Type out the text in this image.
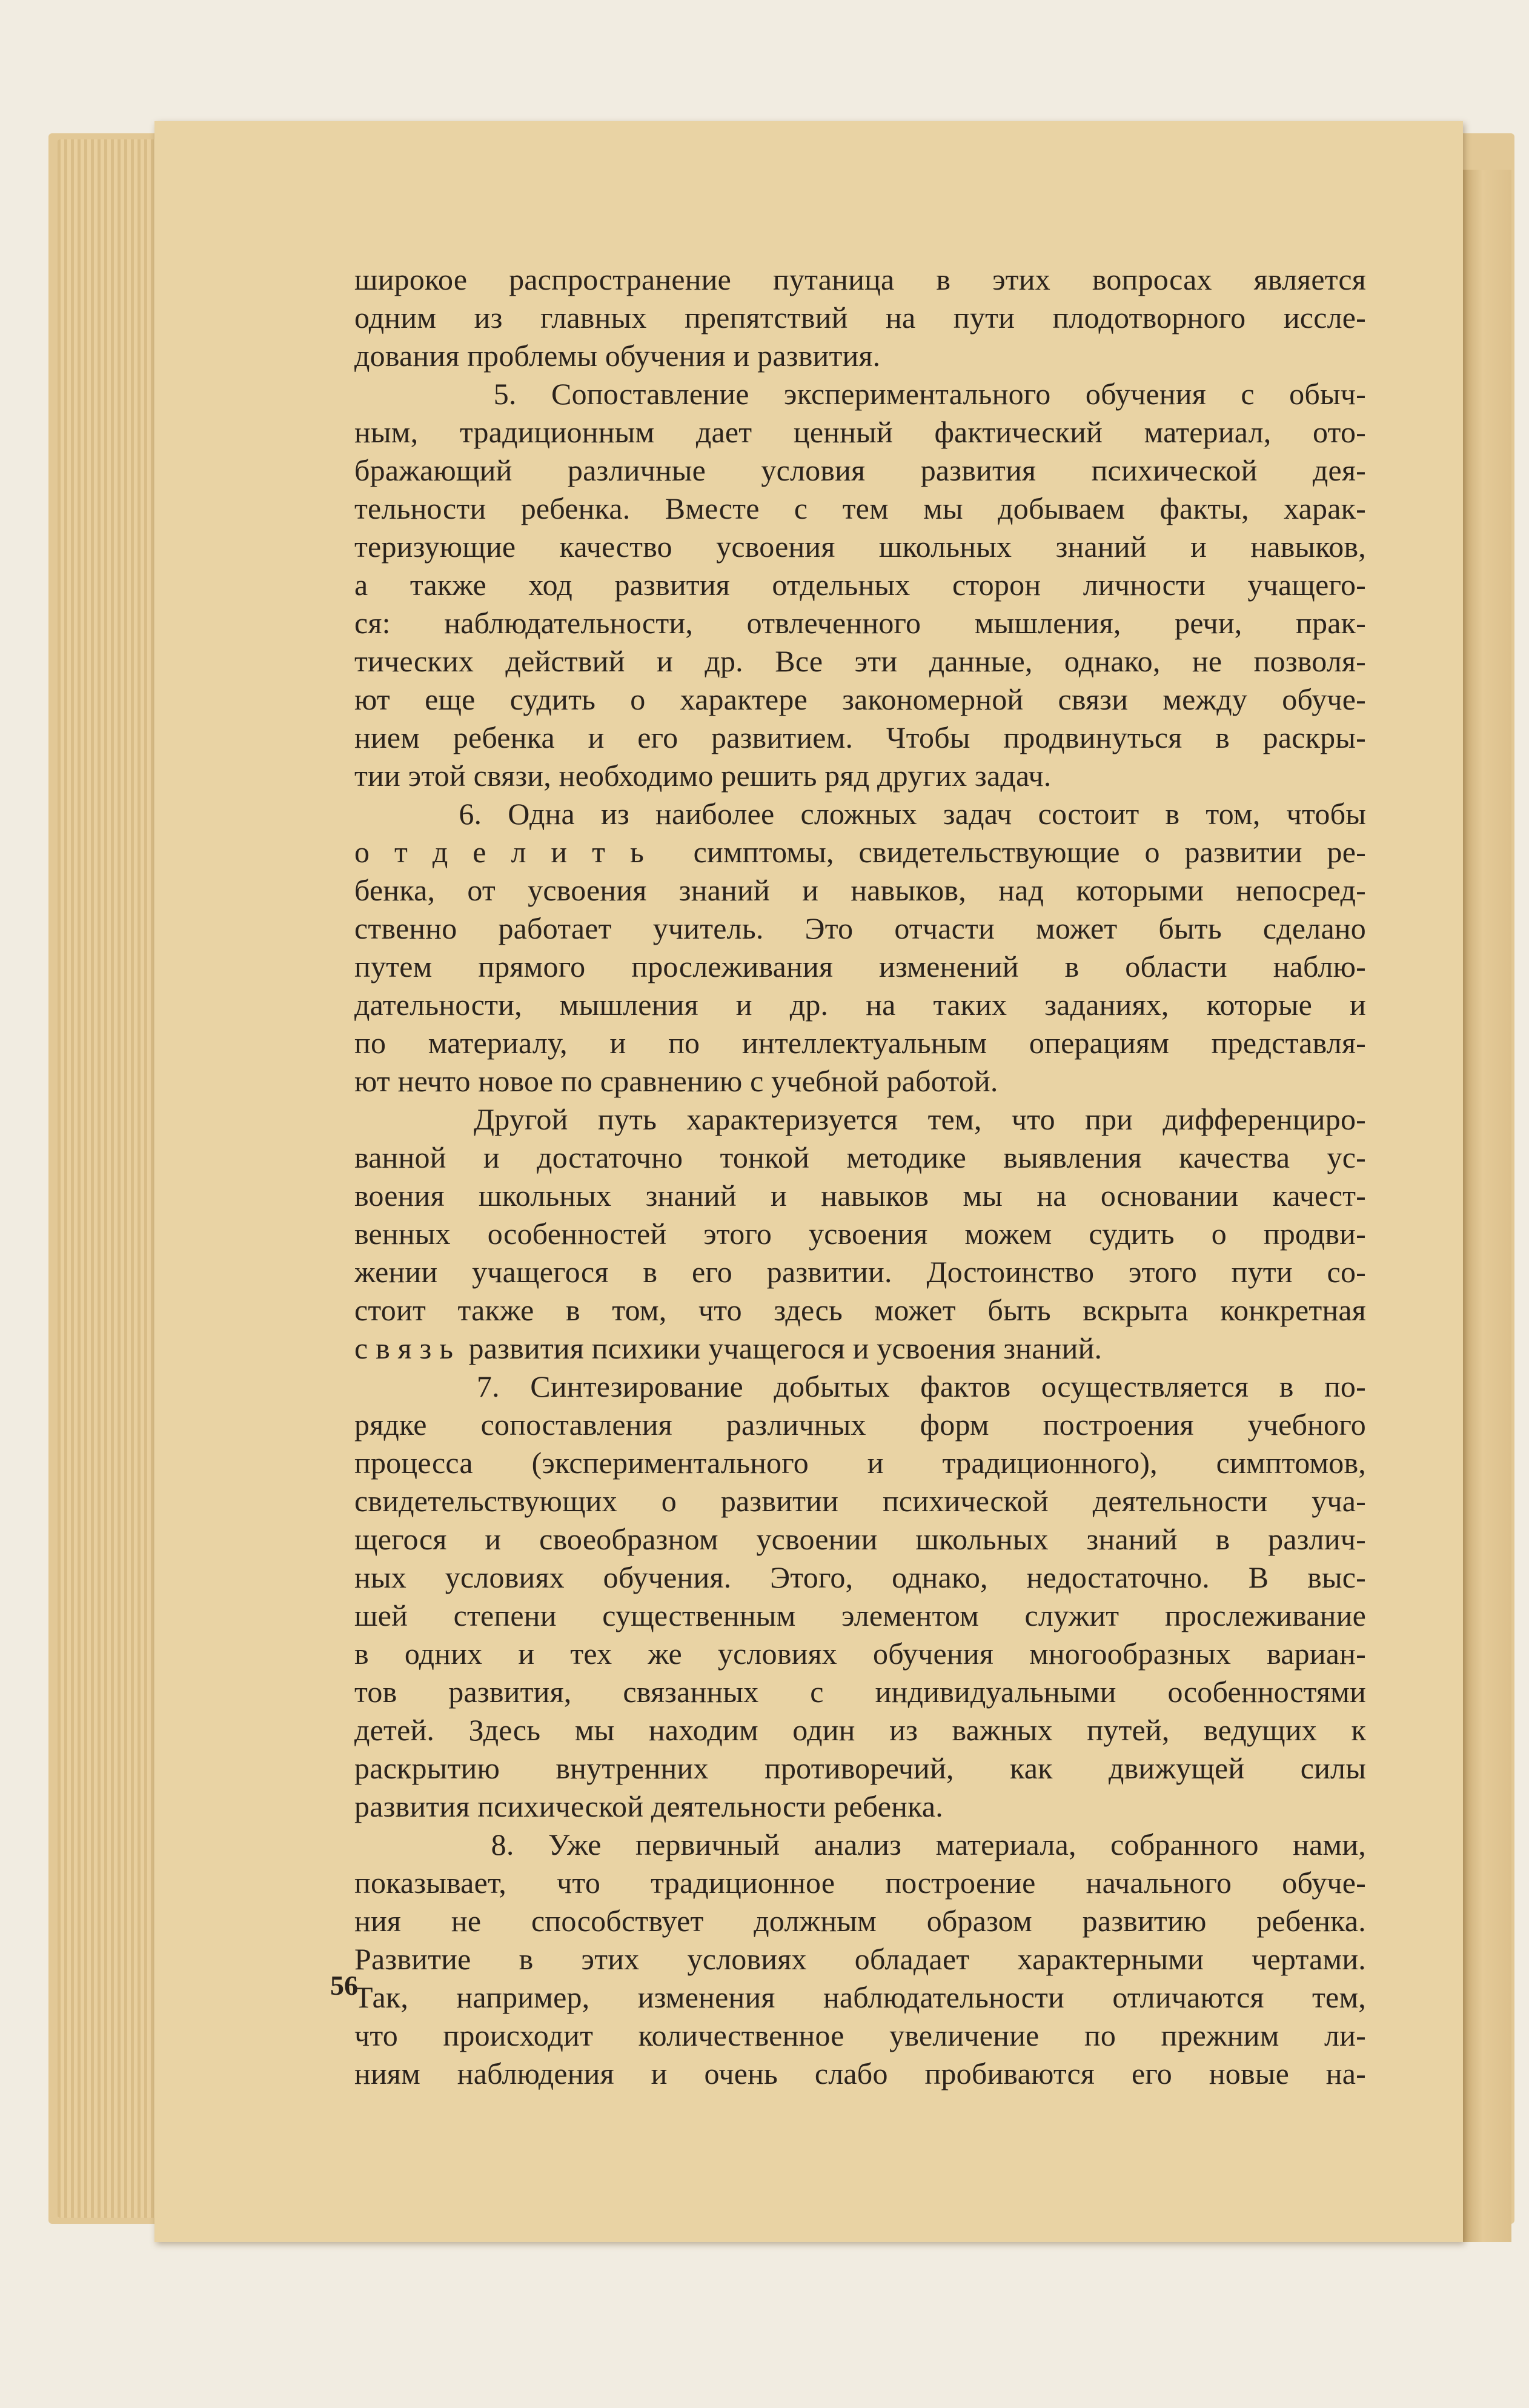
широкое распространение путаница в этих вопросах является
одним из главных препятствий на пути плодотворного иссле-
дования проблемы обучения и развития.
5. Сопоставление экспериментального обучения с обыч-
ным, традиционным дает ценный фактический материал, ото-
бражающий различные условия развития психической дея-
тельности ребенка. Вместе с тем мы добываем факты, харак-
теризующие качество усвоения школьных знаний и навыков,
а также ход развития отдельных сторон личности учащего-
ся: наблюдательности, отвлеченного мышления, речи, прак-
тических действий и др. Все эти данные, однако, не позволя-
ют еще судить о характере закономерной связи между обуче-
нием ребенка и его развитием. Чтобы продвинуться в раскры-
тии этой связи, необходимо решить ряд других задач.
6. Одна из наиболее сложных задач состоит в том, чтобы
о т д е л и т ь  симптомы, свидетельствующие о развитии ре-
бенка, от усвоения знаний и навыков, над которыми непосред-
ственно работает учитель. Это отчасти может быть сделано
путем прямого прослеживания изменений в области наблю-
дательности, мышления и др. на таких заданиях, которые и
по материалу, и по интеллектуальным операциям представля-
ют нечто новое по сравнению с учебной работой.
Другой путь характеризуется тем, что при дифференциро-
ванной и достаточно тонкой методике выявления качества ус-
воения школьных знаний и навыков мы на основании качест-
венных особенностей этого усвоения можем судить о продви-
жении учащегося в его развитии. Достоинство этого пути со-
стоит также в том, что здесь может быть вскрыта конкретная
с в я з ь  развития психики учащегося и усвоения знаний.
7. Синтезирование добытых фактов осуществляется в по-
рядке сопоставления различных форм построения учебного
процесса (экспериментального и традиционного), симптомов,
свидетельствующих о развитии психической деятельности уча-
щегося и своеобразном усвоении школьных знаний в различ-
ных условиях обучения. Этого, однако, недостаточно. В выс-
шей степени существенным элементом служит прослеживание
в одних и тех же условиях обучения многообразных вариан-
тов развития, связанных с индивидуальными особенностями
детей. Здесь мы находим один из важных путей, ведущих к
раскрытию внутренних противоречий, как движущей силы
развития психической деятельности ребенка.
8. Уже первичный анализ материала, собранного нами,
показывает, что традиционное построение начального обуче-
ния не способствует должным образом развитию ребенка.
Развитие в этих условиях обладает характерными чертами.
Так, например, изменения наблюдательности отличаются тем,
что происходит количественное увеличение по прежним ли-
ниям наблюдения и очень слабо пробиваются его новые на-
56
